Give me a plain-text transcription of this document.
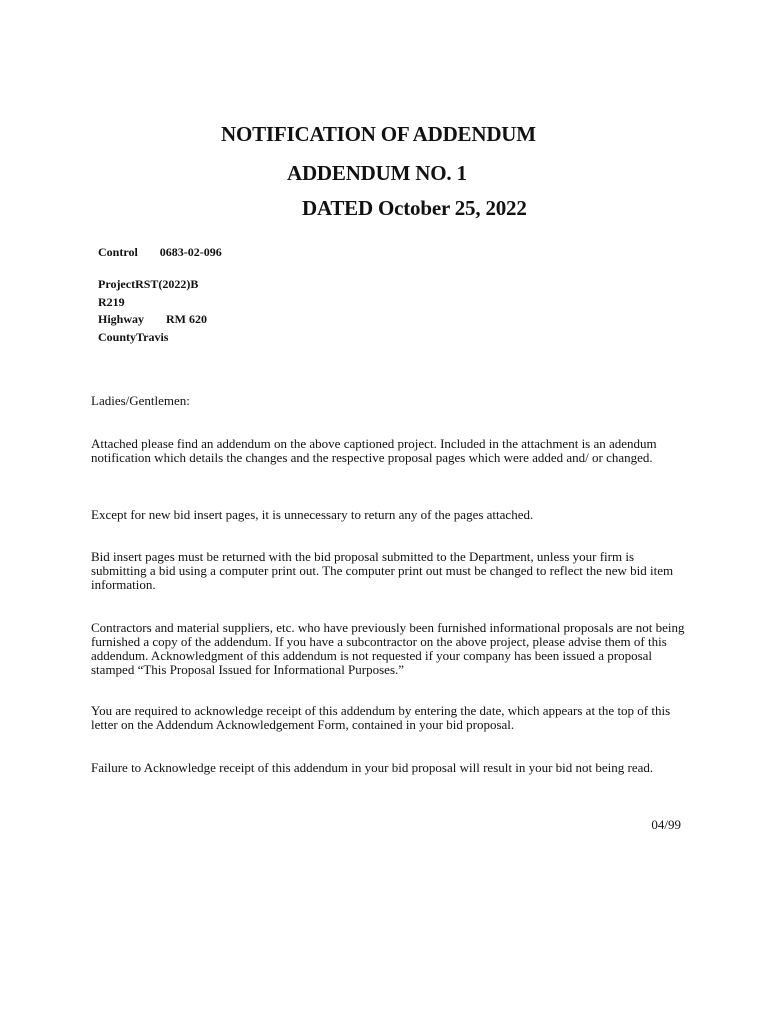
NOTIFICATION OF ADDENDUM
ADDENDUM NO. 1
DATED October 25, 2022
Control 0683-02-096
ProjectRST(2022)B
R219
Highway RM 620
CountyTravis

Ladies/Gentlemen:

Attached please find an addendum on the above captioned project. Included in the attachment is an adendum notification which details the changes and the respective proposal pages which were added and/ or changed.

Except for new bid insert pages, it is unnecessary to return any of the pages attached.

Bid insert pages must be returned with the bid proposal submitted to the Department, unless your firm is submitting a bid using a computer print out. The computer print out must be changed to reflect the new bid item information.

Contractors and material suppliers, etc. who have previously been furnished informational proposals are not being furnished a copy of the addendum. If you have a subcontractor on the above project, please advise them of this addendum. Acknowledgment of this addendum is not requested if your company has been issued a proposal stamped “This Proposal Issued for Informational Purposes.”

You are required to acknowledge receipt of this addendum by entering the date, which appears at the top of this letter on the Addendum Acknowledgement Form, contained in your bid proposal.

Failure to Acknowledge receipt of this addendum in your bid proposal will result in your bid not being read.

04/99
